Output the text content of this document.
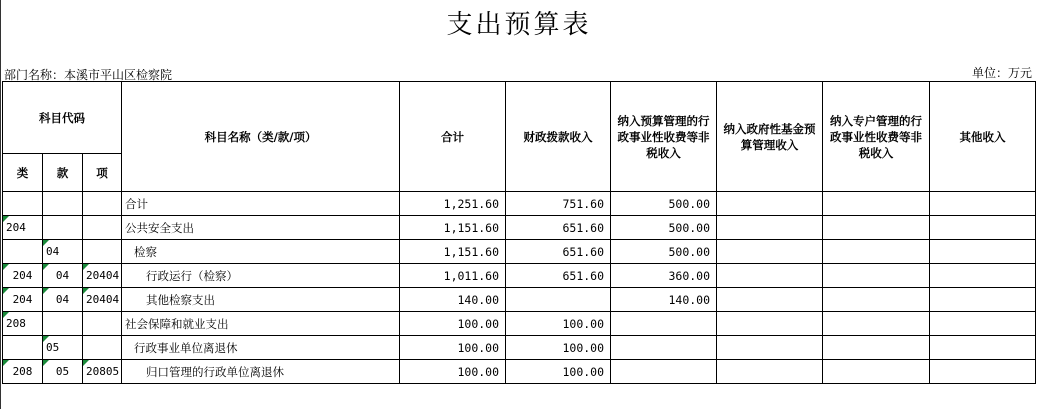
支出预算表
部门名称：本溪市平山区检察院	单位：万元
科目代码			科目名称（类/款/项）	合计	财政拨款收入	纳入预算管理的行政事业性收费等非税收入	纳入政府性基金预算管理收入	纳入专户管理的行政事业性收费等非税收入	其他收入
类	款	项							
			合计	1,251.60	751.60	500.00			
204			公共安全支出	1,151.60	651.60	500.00			
	04		检察	1,151.60	651.60	500.00			
204	04	20404	行政运行（检察）	1,011.60	651.60	360.00			
204	04	20404	其他检察支出	140.00		140.00			
208			社会保障和就业支出	100.00	100.00				
	05		行政事业单位离退休	100.00	100.00				
208	05	20805	归口管理的行政单位离退休	100.00	100.00				
